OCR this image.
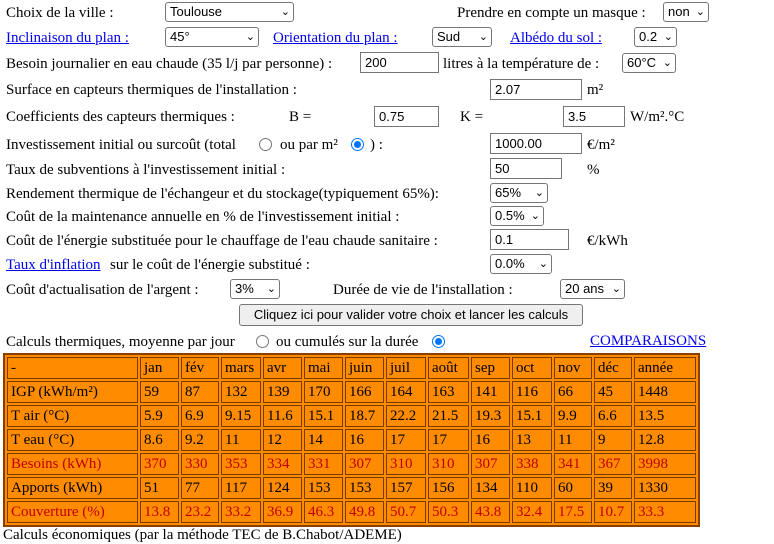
Choix de la ville :	Toulouse	⌄	Prendre en compte un masque :	non ⌄
Inclinaison du plan :	45°	⌄ Orientation du plan :	Sud ⌄ Albédo du sol :	0.2 ⌄
Besoin journalier en eau chaude (35 l/j par personne) :	200	litres à la température de :	60°C ⌄
Surface en capteurs thermiques de l'installation :	2.07	m²
Coefficients des capteurs thermiques :	B =	0.75	K =	3.5	W/m².°C
Investissement initial ou surcoût (total	ou par m² ) :	1000.00	€/m²
Taux de subventions à l'investissement initial :	50	%
Rendement thermique de l'échangeur et du stockage(typiquement 65%):	65% ⌄
Coût de la maintenance annuelle en % de l'investissement initial :	0.5% ⌄
Coût de l'énergie substituée pour le chauffage de l'eau chaude sanitaire :	0.1	€/kWh
Taux d'inflation sur le coût de l'énergie substitué :	0.0% ⌄
Coût d'actualisation de l'argent :	3% ⌄	Durée de vie de l'installation :	20 ans ⌄
Cliquez ici pour valider votre choix et lancer les calculs
Calculs thermiques, moyenne par jour	ou cumulés sur la durée	COMPARAISONS
-	jan	fév	mars	avr	mai	juin	juil	août	sep	oct	nov	déc	année
IGP (kWh/m²)	59	87	132	139	170	166	164	163	141	116	66	45	1448
T air (°C)	5.9	6.9	9.15	11.6	15.1	18.7	22.2	21.5	19.3	15.1	9.9	6.6	13.5
T eau (°C)	8.6	9.2	11	12	14	16	17	17	16	13	11	9	12.8
Besoins (kWh)	370	330	353	334	331	307	310	310	307	338	341	367	3998
Apports (kWh)	51	77	117	124	153	153	157	156	134	110	60	39	1330
Couverture (%)	13.8	23.2	33.2	36.9	46.3	49.8	50.7	50.3	43.8	32.4	17.5	10.7	33.3
Calculs économiques (par la méthode TEC de B.Chabot/ADEME)
